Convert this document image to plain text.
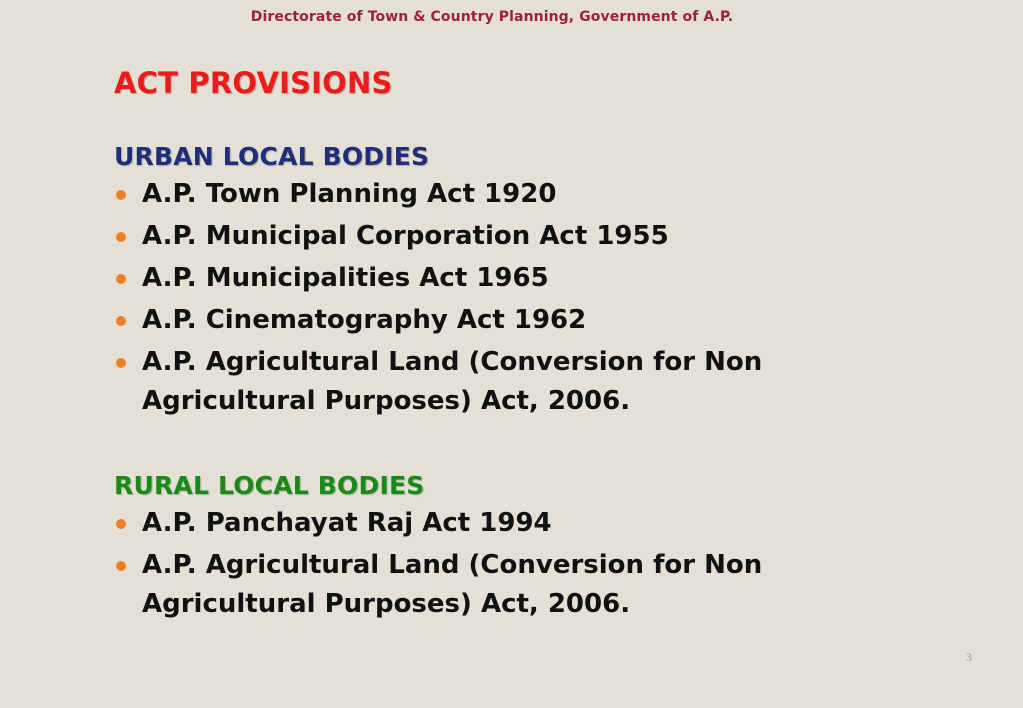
Directorate of Town & Country Planning, Government of A.P.
ACT PROVISIONS
URBAN LOCAL BODIES
A.P. Town Planning Act 1920
A.P. Municipal Corporation Act 1955
A.P. Municipalities Act 1965
A.P. Cinematography Act 1962
A.P. Agricultural Land (Conversion for Non Agricultural Purposes) Act, 2006.
RURAL LOCAL BODIES
A.P. Panchayat Raj Act 1994
A.P. Agricultural Land (Conversion for Non Agricultural Purposes) Act, 2006.
3
